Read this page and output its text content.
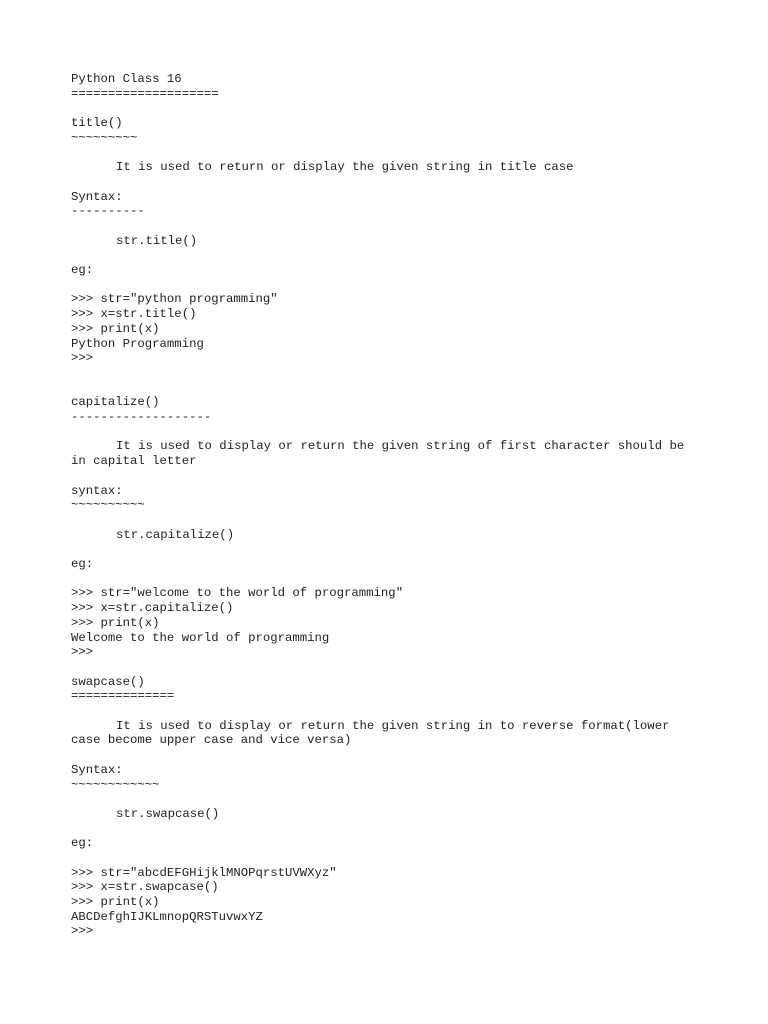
Python Class 16
====================
title()
~~~~~~~~~
It is used to return or display the given string in title case
Syntax:
----------
str.title()
eg:
>>> str="python programming"
>>> x=str.title()
>>> print(x)
Python Programming
>>>
capitalize()
-------------------
It is used to display or return the given string of first character should be
in capital letter
syntax:
~~~~~~~~~~
str.capitalize()
eg:
>>> str="welcome to the world of programming"
>>> x=str.capitalize()
>>> print(x)
Welcome to the world of programming
>>>
swapcase()
==============
It is used to display or return the given string in to reverse format(lower
case become upper case and vice versa)
Syntax:
~~~~~~~~~~~~
str.swapcase()
eg:
>>> str="abcdEFGHijklMNOPqrstUVWXyz"
>>> x=str.swapcase()
>>> print(x)
ABCDefghIJKLmnopQRSTuvwxYZ
>>>
